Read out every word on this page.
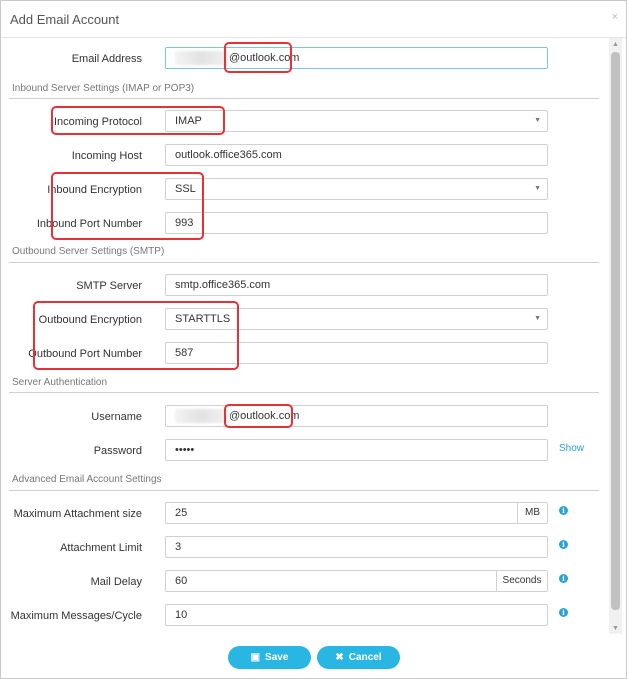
Add Email Account	×
▲
▼
Email Address	@outlook.com
Inbound Server Settings (IMAP or POP3)
Incoming Protocol	IMAP	▼
Incoming Host	outlook.office365.com
Inbound Encryption	SSL	▼
Inbound Port Number	993
Outbound Server Settings (SMTP)
SMTP Server	smtp.office365.com
Outbound Encryption	STARTTLS	▼
Outbound Port Number	587
Server Authentication
Username	@outlook.com
Password	•••••	Show
Advanced Email Account Settings
Maximum Attachment size	25	MB	i
Attachment Limit	3	i
Mail Delay	60	Seconds	i
Maximum Messages/Cycle	10	i
▣ Save	✖ Cancel
